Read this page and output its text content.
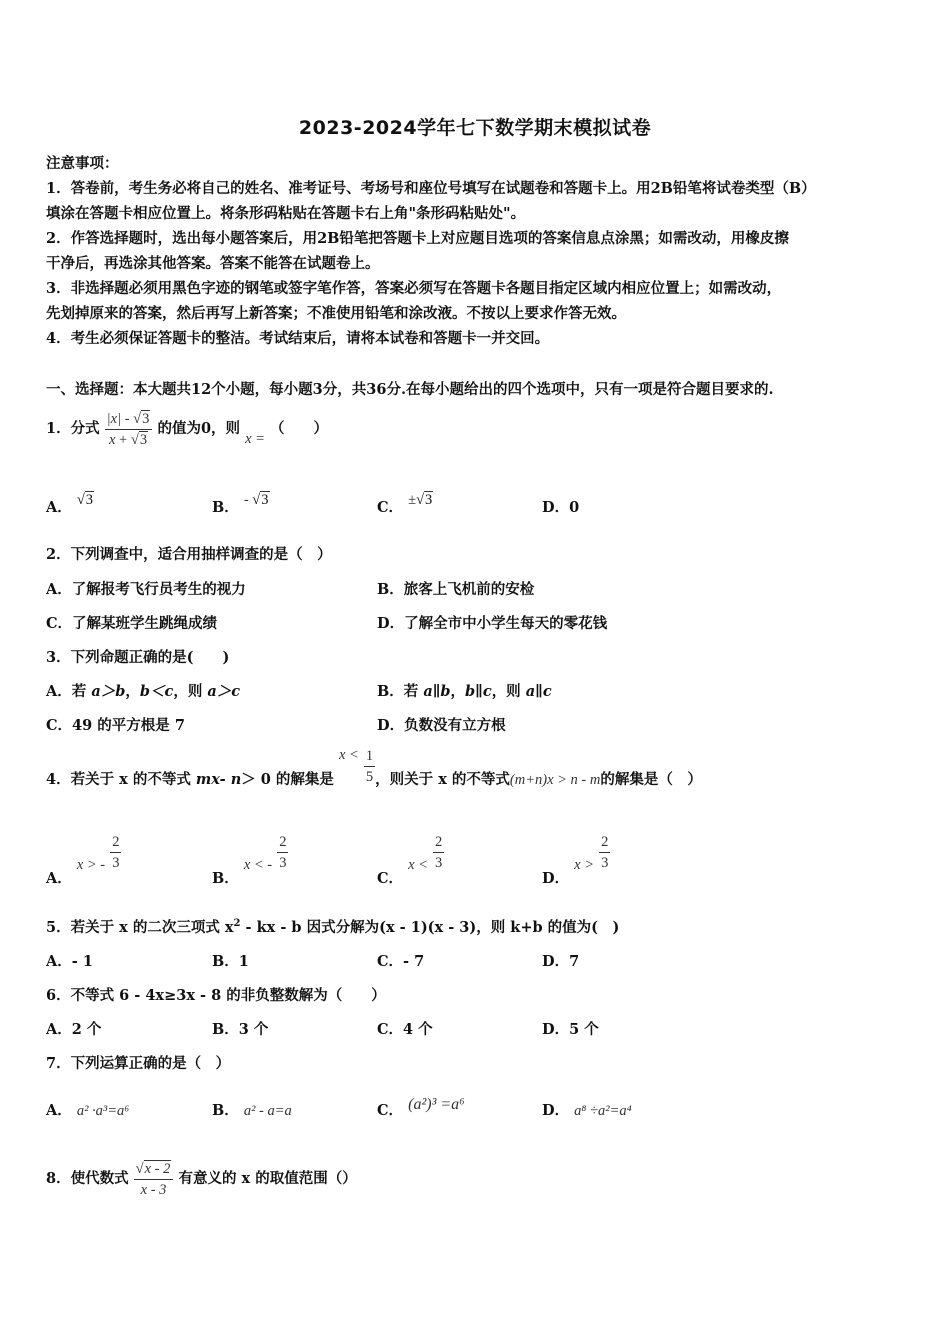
2023-2024学年七下数学期末模拟试卷
注意事项：
1．答卷前，考生务必将自己的姓名、准考证号、考场号和座位号填写在试题卷和答题卡上。用2B铅笔将试卷类型（B）
填涂在答题卡相应位置上。将条形码粘贴在答题卡右上角"条形码粘贴处"。
2．作答选择题时，选出每小题答案后，用2B铅笔把答题卡上对应题目选项的答案信息点涂黑；如需改动，用橡皮擦
干净后，再选涂其他答案。答案不能答在试题卷上。
3．非选择题必须用黑色字迹的钢笔或签字笔作答，答案必须写在答题卡各题目指定区域内相应位置上；如需改动，
先划掉原来的答案，然后再写上新答案；不准使用铅笔和涂改液。不按以上要求作答无效。
4．考生必须保证答题卡的整洁。考试结束后，请将本试卷和答题卡一并交回。
一、选择题：本大题共12个小题，每小题3分，共36分.在每小题给出的四个选项中，只有一项是符合题目要求的.
1．分式 $\frac{|x| - √3}{x + √3}$ 的值为0，则 x = （　　）
A． √3	B． - √3	C． ±√3	D．0
2．下列调查中，适合用抽样调查的是（　）
A．了解报考飞行员考生的视力	B．旅客上飞机前的安检
C．了解某班学生跳绳成绩	D．了解全市中小学生每天的零花钱
3．下列命题正确的是(　　)
A．若 a＞b，b＜c，则 a＞c	B．若 a∥b，b∥c，则 a∥c
C．49 的平方根是 7	D．负数没有立方根
4．若关于 x 的不等式 mx- n＞ 0 的解集是 $x < \frac{1}{5}$ ，则关于 x 的不等式(m+n)x > n - m的解集是（　）
A． x > - $\frac{2}{3}$
B． x < - $\frac{2}{3}$
C． $x < \frac{2}{3}$
D． $x > \frac{2}{3}$
5．若关于 x 的二次三项式 $x^2$ - kx - b 因式分解为(x - 1)(x - 3)，则 k+b 的值为(　)
A．- 1	B．1	C．- 7	D．7
6．不等式 6 - 4x≥3x - 8 的非负整数解为（　　）
A．2 个	B．3 个	C．4 个	D．5 个
7．下列运算正确的是（　）
A． a² ·a³=a⁶	B． a² - a=a	C． (a²)³ =a⁶	D． a⁸ ÷a²=a⁴
8．使代数式 $\frac{√x - 2}{x - 3}$ 有意义的 x 的取值范围（）
